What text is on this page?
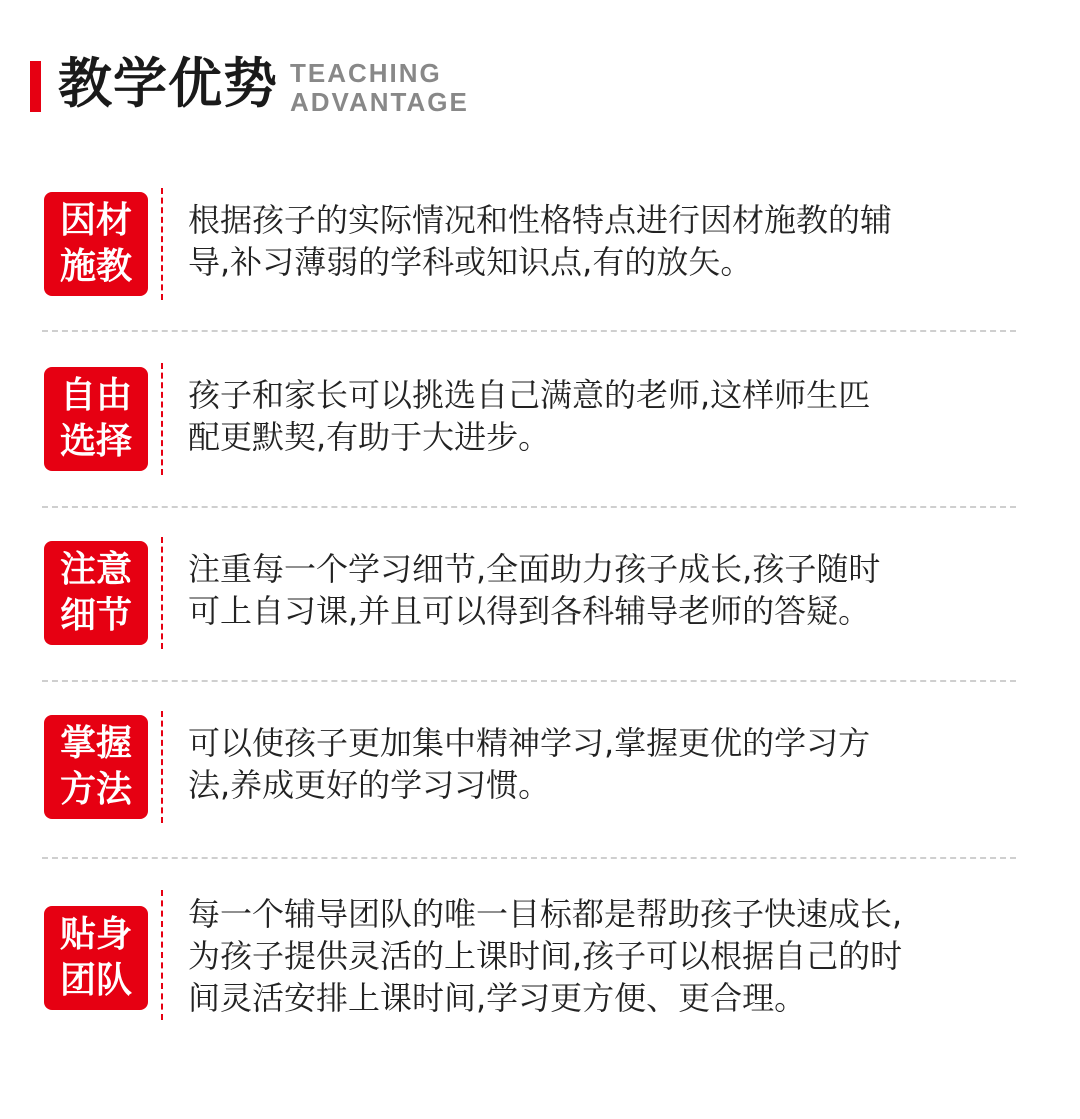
教学优势 TEACHING
ADVANTAGE
因材
施教
根据孩子的实际情况和性格特点进行因材施教的辅
导,补习薄弱的学科或知识点,有的放矢。
自由
选择
孩子和家长可以挑选自己满意的老师,这样师生匹
配更默契,有助于大进步。
注意
细节
注重每一个学习细节,全面助力孩子成长,孩子随时
可上自习课,并且可以得到各科辅导老师的答疑。
掌握
方法
可以使孩子更加集中精神学习,掌握更优的学习方
法,养成更好的学习习惯。
贴身
团队
每一个辅导团队的唯一目标都是帮助孩子快速成长,
为孩子提供灵活的上课时间,孩子可以根据自己的时
间灵活安排上课时间,学习更方便、更合理。
